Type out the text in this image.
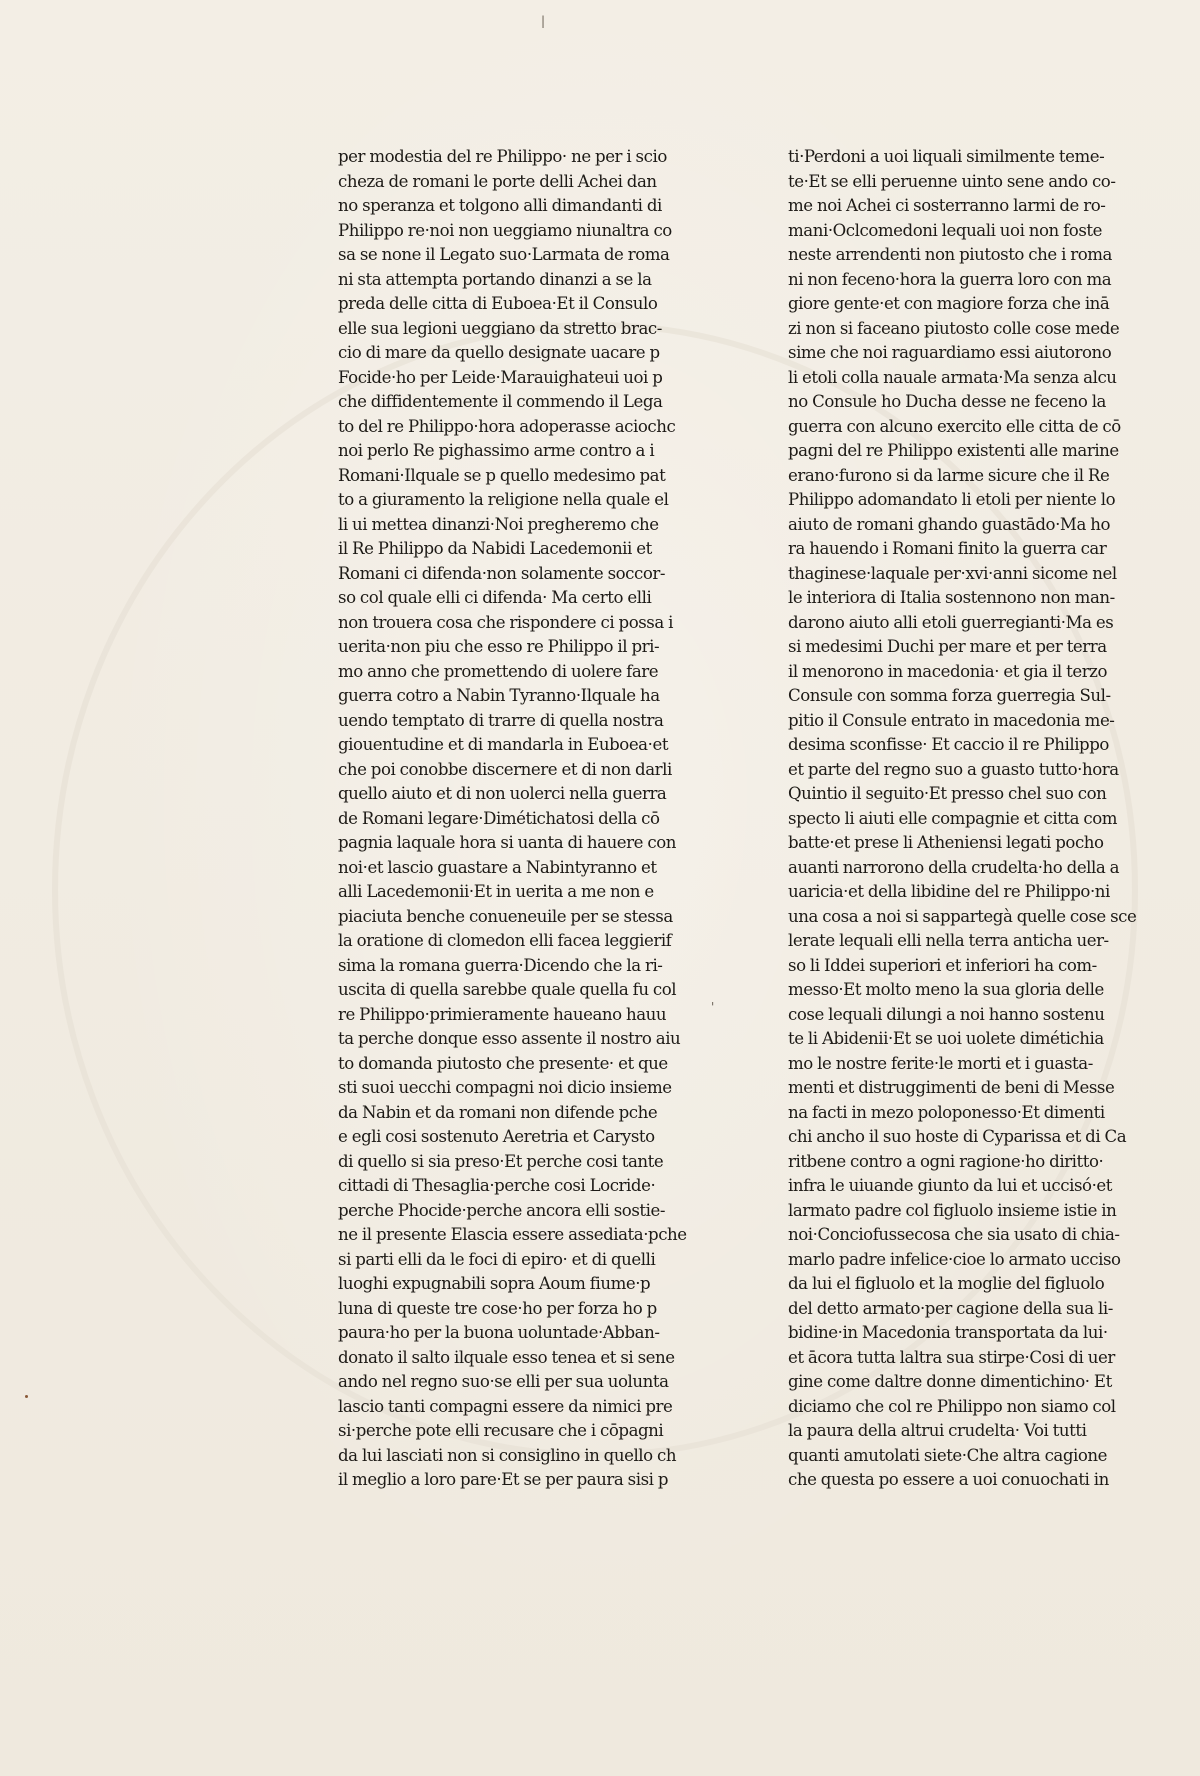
|
ꞌ
per modestia del re Philippo· ne per i scio
cheza de romani le porte delli Achei dan
no speranza et tolgono alli dimandanti di
Philippo re·noi non ueggiamo niunaltra co
sa se none il Legato suo·Larmata de roma
ni sta attempta portando dinanzi a se la
preda delle citta di Euboea·Et il Consulo
elle sua legioni ueggiano da stretto brac-
cio di mare da quello designate uacare p
Focide·ho per Leide·Marauighateui uoi p
che diffidentemente il commendo il Lega
to del re Philippo·hora adoperasse aciochc
noi perlo Re pighassimo arme contro a i
Romani·Ilquale se p quello medesimo pat
to a giuramento la religione nella quale el
li ui mettea dinanzi·Noi pregheremo che
il Re Philippo da Nabidi Lacedemonii et
Romani ci difenda·non solamente soccor-
so col quale elli ci difenda· Ma certo elli
non trouera cosa che rispondere ci possa i
uerita·non piu che esso re Philippo il pri-
mo anno che promettendo di uolere fare
guerra cotro a Nabin Tyranno·Ilquale ha
uendo temptato di trarre di quella nostra
giouentudine et di mandarla in Euboea·et
che poi conobbe discernere et di non darli
quello aiuto et di non uolerci nella guerra
de Romani legare·Dimétichatosi della cō
pagnia laquale hora si uanta di hauere con
noi·et lascio guastare a Nabintyranno et
alli Lacedemonii·Et in uerita a me non e
piaciuta benche conueneuile per se stessa
la oratione di clomedon elli facea leggierif
sima la romana guerra·Dicendo che la ri-
uscita di quella sarebbe quale quella fu col
re Philippo·primieramente haueano hauu
ta perche donque esso assente il nostro aiu
to domanda piutosto che presente· et que
sti suoi uecchi compagni noi dicio insieme
da Nabin et da romani non difende pche
e egli cosi sostenuto Aeretria et Carysto
di quello si sia preso·Et perche cosi tante
cittadi di Thesaglia·perche cosi Locride·
perche Phocide·perche ancora elli sostie-
ne il presente Elascia essere assediata·pche
si parti elli da le foci di epiro· et di quelli
luoghi expugnabili sopra Aoum fiume·p
luna di queste tre cose·ho per forza ho p
paura·ho per la buona uoluntade·Abban-
donato il salto ilquale esso tenea et si sene
ando nel regno suo·se elli per sua uolunta
lascio tanti compagni essere da nimici pre
si·perche pote elli recusare che i cōpagni
da lui lasciati non si consiglino in quello ch
il meglio a loro pare·Et se per paura sisi p
ti·Perdoni a uoi liquali similmente teme-
te·Et se elli peruenne uinto sene ando co-
me noi Achei ci sosterranno larmi de ro-
mani·Oclcomedoni lequali uoi non foste
neste arrendenti non piutosto che i roma
ni non feceno·hora la guerra loro con ma
giore gente·et con magiore forza che inā
zi non si faceano piutosto colle cose mede
sime che noi raguardiamo essi aiutorono
li etoli colla nauale armata·Ma senza alcu
no Consule ho Ducha desse ne feceno la
guerra con alcuno exercito elle citta de cō
pagni del re Philippo existenti alle marine
erano·furono si da larme sicure che il Re
Philippo adomandato li etoli per niente lo
aiuto de romani ghando guastādo·Ma ho
ra hauendo i Romani finito la guerra car
thaginese·laquale per·xvi·anni sicome nel
le interiora di Italia sostennono non man-
darono aiuto alli etoli guerregianti·Ma es
si medesimi Duchi per mare et per terra
il menorono in macedonia· et gia il terzo
Consule con somma forza guerregia Sul-
pitio il Consule entrato in macedonia me-
desima sconfisse· Et caccio il re Philippo
et parte del regno suo a guasto tutto·hora
Quintio il seguito·Et presso chel suo con
specto li aiuti elle compagnie et citta com
batte·et prese li Atheniensi legati pocho
auanti narrorono della crudelta·ho della a
uaricia·et della libidine del re Philippo·ni
una cosa a noi si sappartegà quelle cose sce
lerate lequali elli nella terra anticha uer-
so li Iddei superiori et inferiori ha com-
messo·Et molto meno la sua gloria delle
cose lequali dilungi a noi hanno sostenu
te li Abidenii·Et se uoi uolete dimétichia
mo le nostre ferite·le morti et i guasta-
menti et distruggimenti de beni di Messe
na facti in mezo poloponesso·Et dimenti
chi ancho il suo hoste di Cyparissa et di Ca
ritbene contro a ogni ragione·ho diritto·
infra le uiuande giunto da lui et uccisó·et
larmato padre col figluolo insieme istie in
noi·Conciofussecosa che sia usato di chia-
marlo padre infelice·cioe lo armato ucciso
da lui el figluolo et la moglie del figluolo
del detto armato·per cagione della sua li-
bidine·in Macedonia transportata da lui·
et ācora tutta laltra sua stirpe·Cosi di uer
gine come daltre donne dimentichino· Et
diciamo che col re Philippo non siamo col
la paura della altrui crudelta· Voi tutti
quanti amutolati siete·Che altra cagione
che questa po essere a uoi conuochati in
